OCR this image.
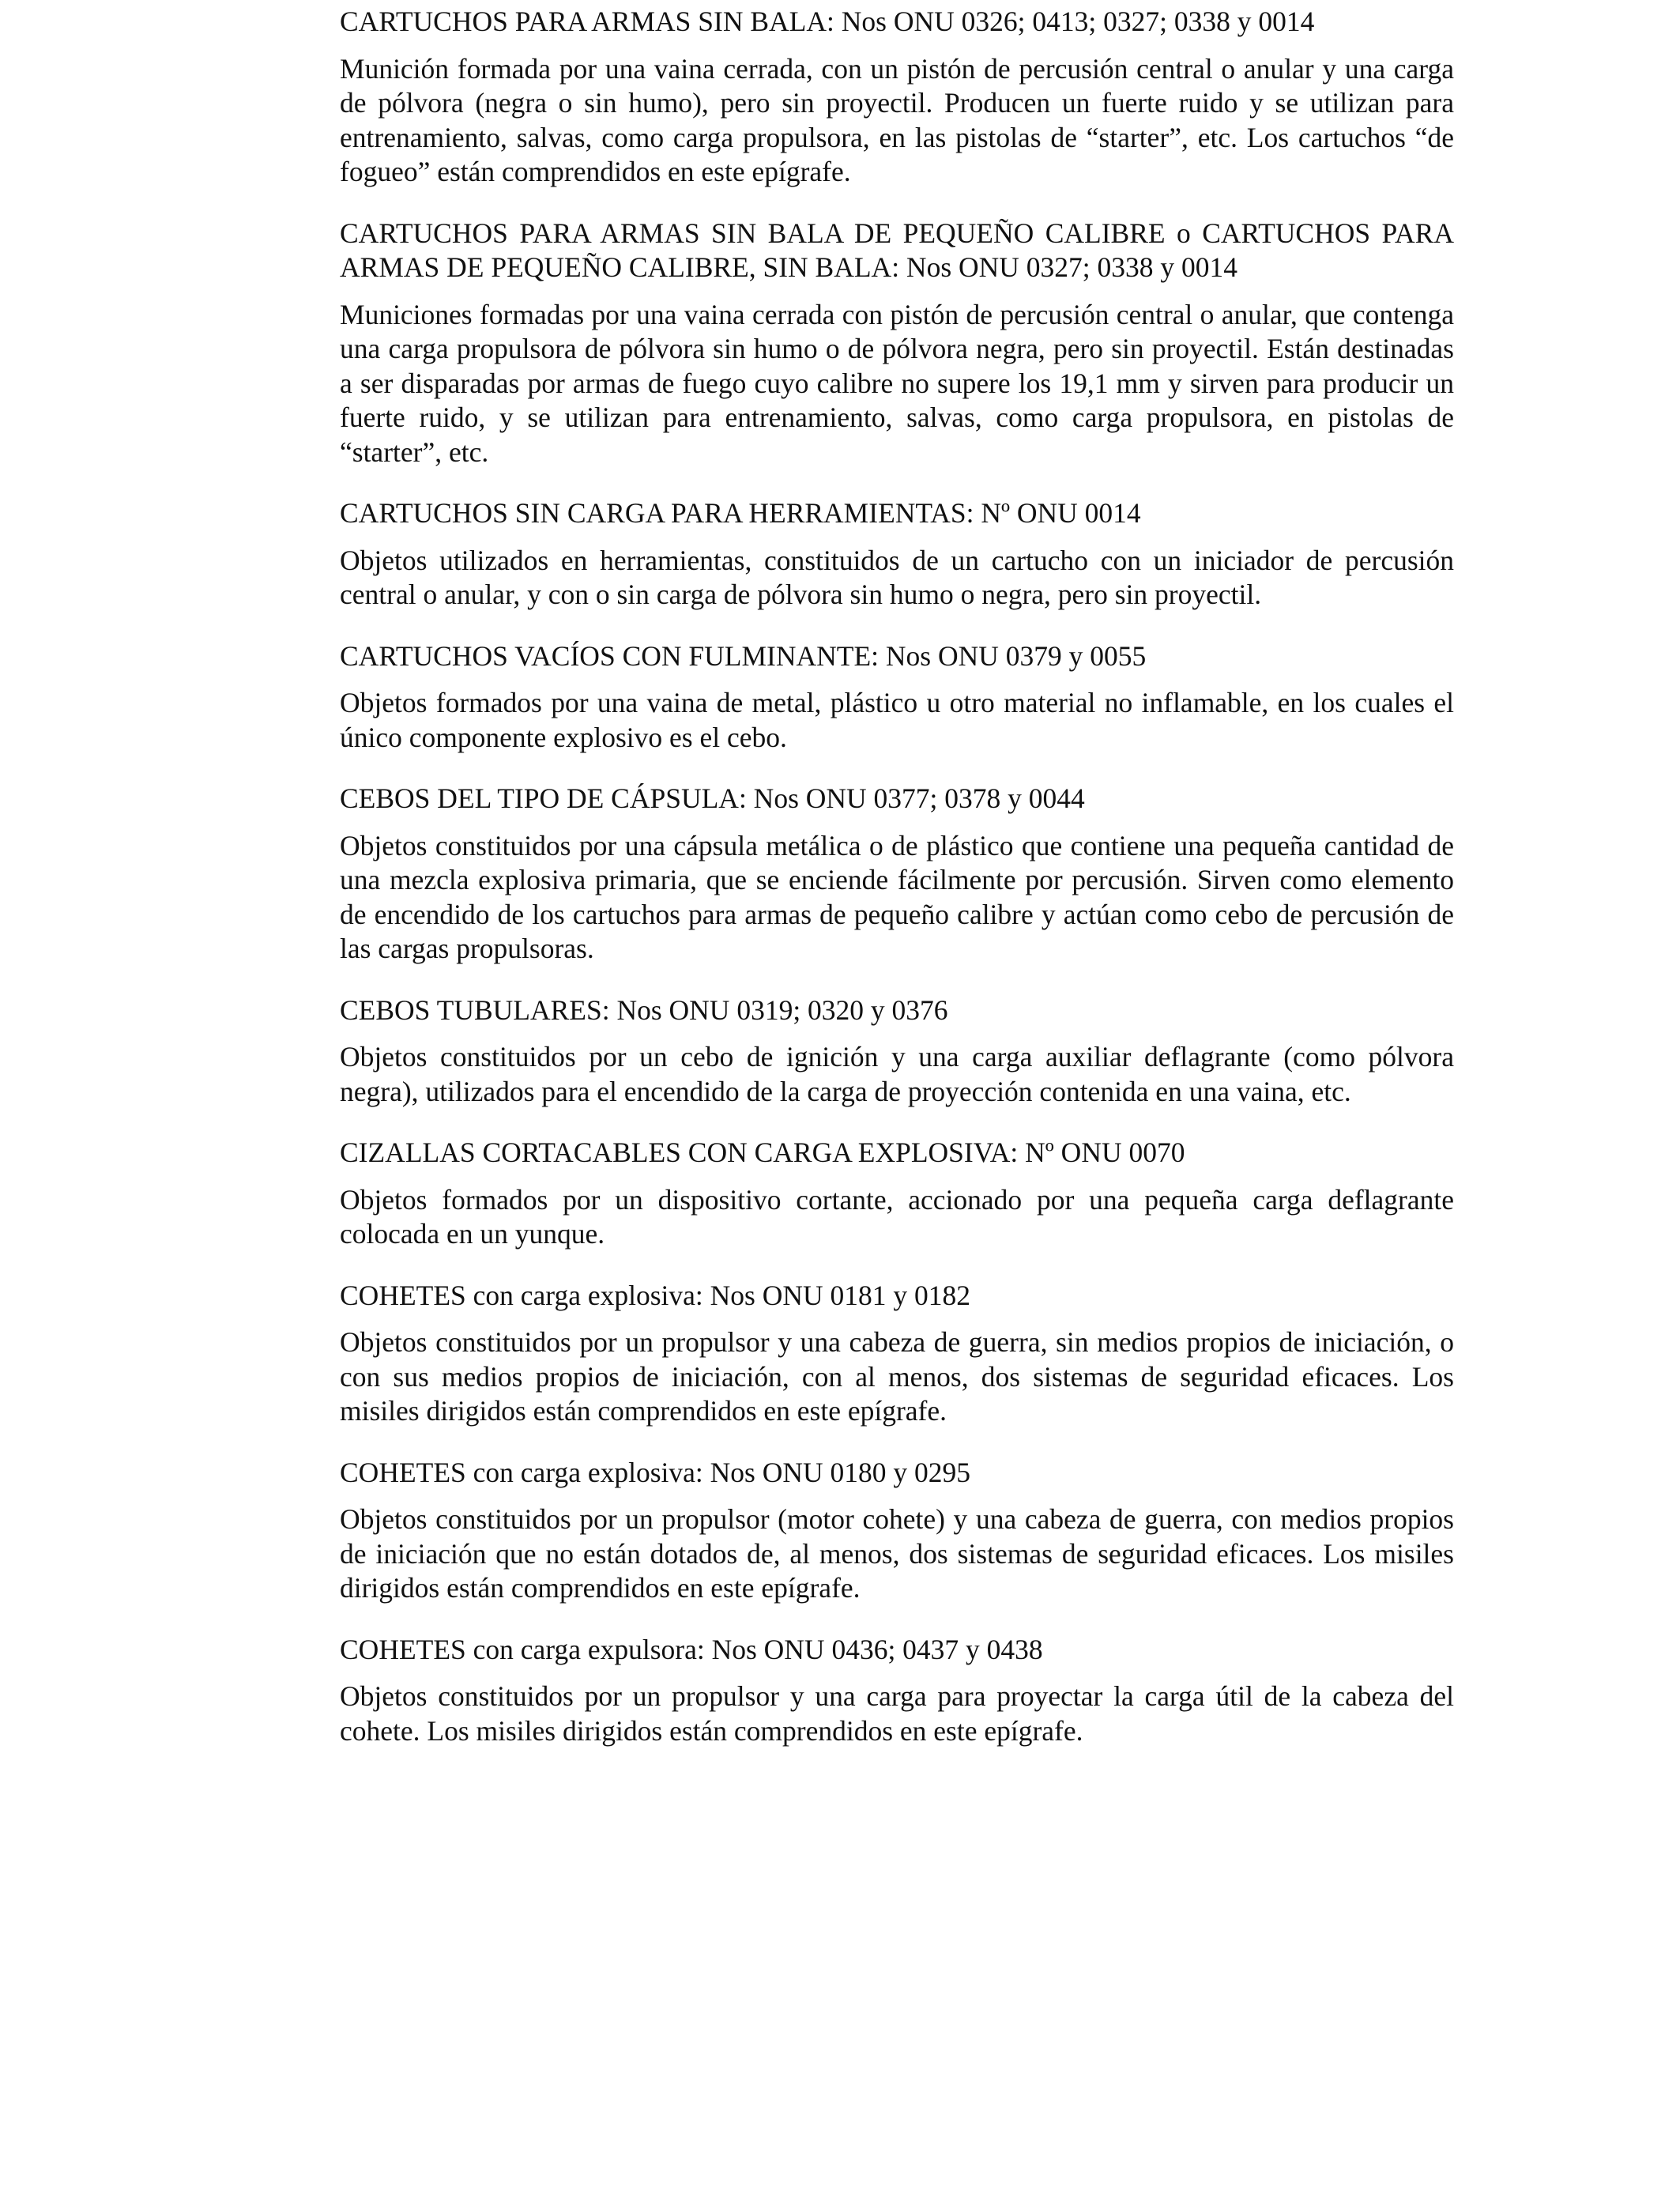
CARTUCHOS PARA ARMAS SIN BALA: Nos ONU 0326; 0413; 0327; 0338 y 0014

Munición formada por una vaina cerrada, con un pistón de percusión central o anular y una carga de pólvora (negra o sin humo), pero sin proyectil. Producen un fuerte ruido y se utilizan para entrenamiento, salvas, como carga propulsora, en las pistolas de “starter”, etc. Los cartuchos “de fogueo” están comprendidos en este epígrafe.

CARTUCHOS PARA ARMAS SIN BALA DE PEQUEÑO CALIBRE o CARTUCHOS PARA ARMAS DE PEQUEÑO CALIBRE, SIN BALA: Nos ONU 0327; 0338 y 0014

Municiones formadas por una vaina cerrada con pistón de percusión central o anular, que contenga una carga propulsora de pólvora sin humo o de pólvora negra, pero sin proyectil. Están destinadas a ser disparadas por armas de fuego cuyo calibre no supere los 19,1 mm y sirven para producir un fuerte ruido, y se utilizan para entrenamiento, salvas, como carga propulsora, en pistolas de “starter”, etc.

CARTUCHOS SIN CARGA PARA HERRAMIENTAS: Nº ONU 0014

Objetos utilizados en herramientas, constituidos de un cartucho con un iniciador de percusión central o anular, y con o sin carga de pólvora sin humo o negra, pero sin proyectil.

CARTUCHOS VACÍOS CON FULMINANTE: Nos ONU 0379 y 0055

Objetos formados por una vaina de metal, plástico u otro material no inflamable, en los cuales el único componente explosivo es el cebo.

CEBOS DEL TIPO DE CÁPSULA: Nos ONU 0377; 0378 y 0044

Objetos constituidos por una cápsula metálica o de plástico que contiene una pequeña cantidad de una mezcla explosiva primaria, que se enciende fácilmente por percusión. Sirven como elemento de encendido de los cartuchos para armas de pequeño calibre y actúan como cebo de percusión de las cargas propulsoras.

CEBOS TUBULARES: Nos ONU 0319; 0320 y 0376

Objetos constituidos por un cebo de ignición y una carga auxiliar deflagrante (como pólvora negra), utilizados para el encendido de la carga de proyección contenida en una vaina, etc.

CIZALLAS CORTACABLES CON CARGA EXPLOSIVA: Nº ONU 0070

Objetos formados por un dispositivo cortante, accionado por una pequeña carga deflagrante colocada en un yunque.

COHETES con carga explosiva: Nos ONU 0181 y 0182

Objetos constituidos por un propulsor y una cabeza de guerra, sin medios propios de iniciación, o con sus medios propios de iniciación, con al menos, dos sistemas de seguridad eficaces. Los misiles dirigidos están comprendidos en este epígrafe.

COHETES con carga explosiva: Nos ONU 0180 y 0295

Objetos constituidos por un propulsor (motor cohete) y una cabeza de guerra, con medios propios de iniciación que no están dotados de, al menos, dos sistemas de seguridad eficaces. Los misiles dirigidos están comprendidos en este epígrafe.

COHETES con carga expulsora: Nos ONU 0436; 0437 y 0438

Objetos constituidos por un propulsor y una carga para proyectar la carga útil de la cabeza del cohete. Los misiles dirigidos están comprendidos en este epígrafe.
